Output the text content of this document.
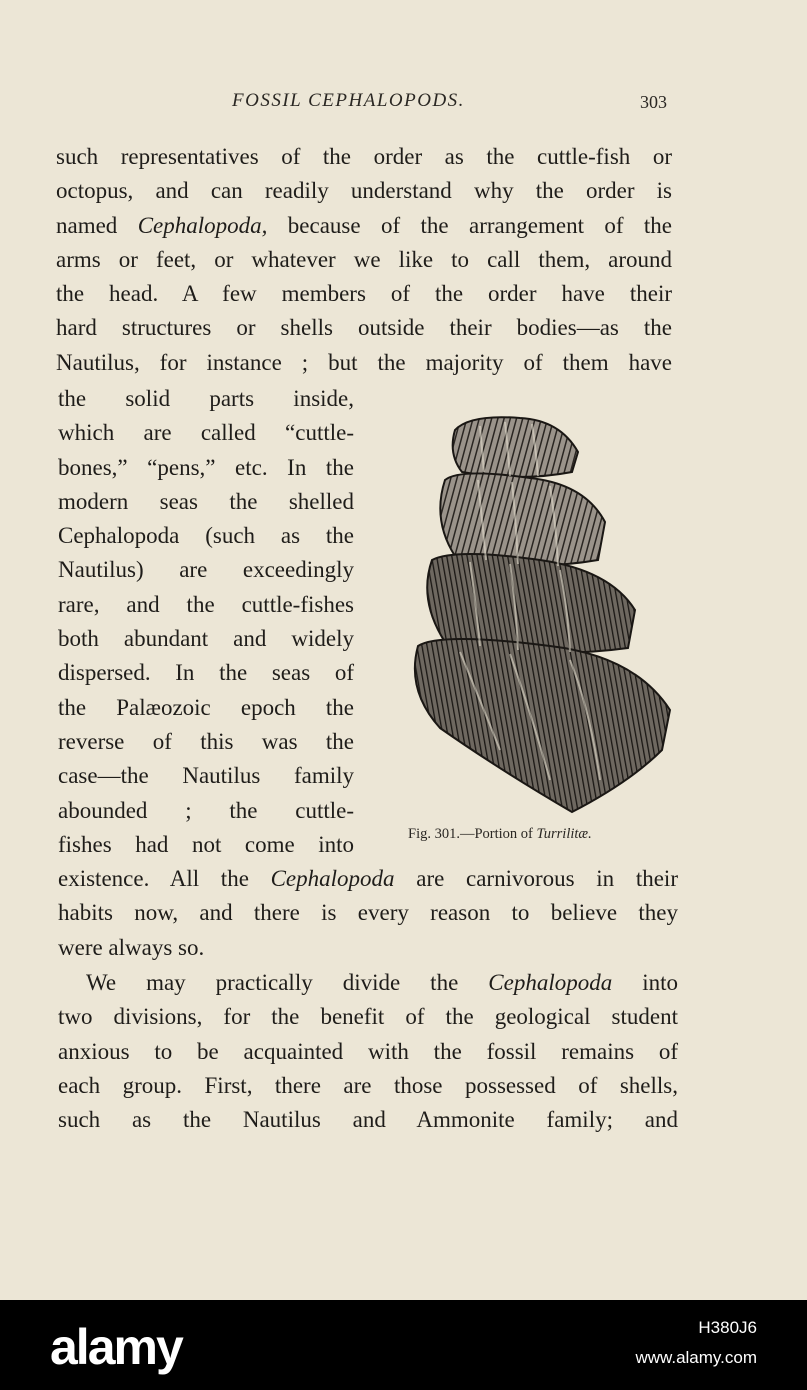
FOSSIL CEPHALOPODS.	303
such representatives of the order as the cuttle-fish or
octopus, and can readily understand why the order is
named Cephalopoda, because of the arrangement of the
arms or feet, or whatever we like to call them, around
the head. A few members of the order have their
hard structures or shells outside their bodies—as the
Nautilus, for instance ; but the majority of them have
the solid parts inside,
which are called “cuttle-
bones,” “pens,” etc. In the
modern seas the shelled
Cephalopoda (such as the
Nautilus) are exceedingly
rare, and the cuttle-fishes
both abundant and widely
dispersed. In the seas of
the Palæozoic epoch the
reverse of this was the
case—the Nautilus family
abounded ; the cuttle-
fishes had not come into	Fig. 301.—Portion of Turrilitæ.
existence. All the Cephalopoda are carnivorous in their
habits now, and there is every reason to believe they
were always so.
We may practically divide the Cephalopoda into
two divisions, for the benefit of the geological student
anxious to be acquainted with the fossil remains of
each group. First, there are those possessed of shells,
such as the Nautilus and Ammonite family; and
alamy	H380J6
www.alamy.com
